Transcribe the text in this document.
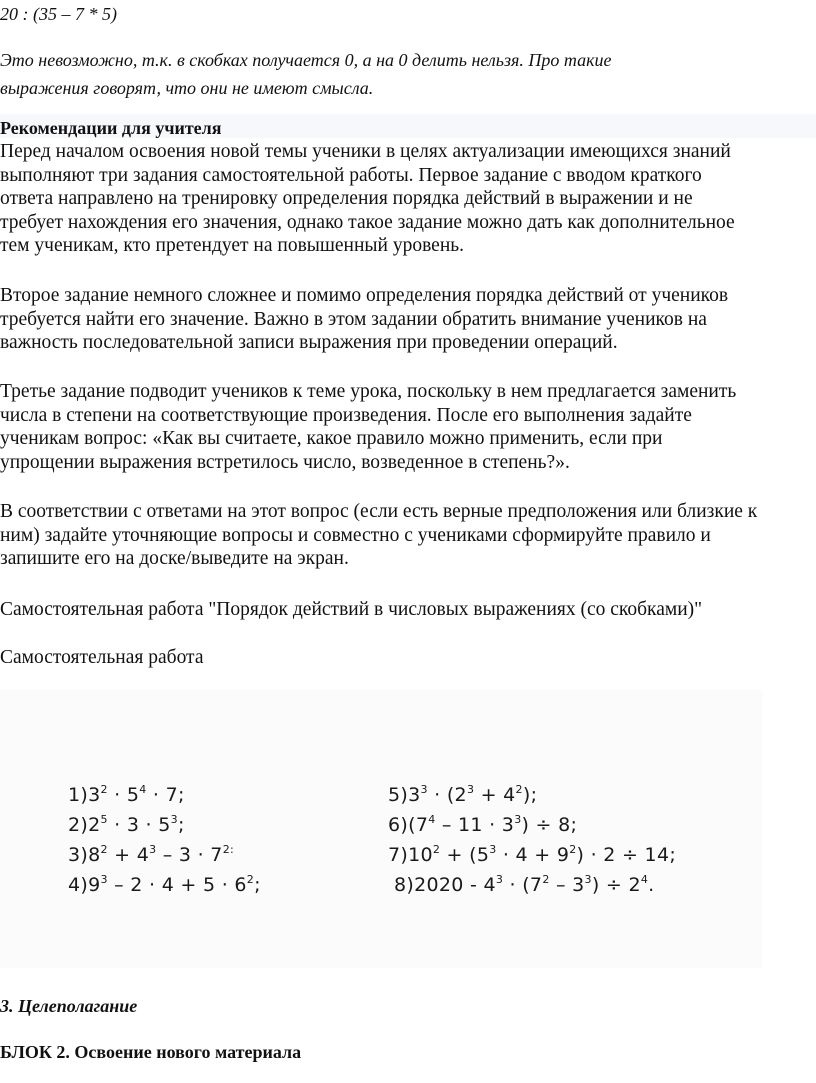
20 : (35 – 7 * 5)

Это невозможно, т.к. в скобках получается 0, а на 0 делить нельзя. Про такие
выражения говорят, что они не имеют смысла.

Рекомендации для учителя

Перед началом освоения новой темы ученики в целях актуализации имеющихся знаний
выполняют три задания самостоятельной работы. Первое задание с вводом краткого
ответа направлено на тренировку определения порядка действий в выражении и не
требует нахождения его значения, однако такое задание можно дать как дополнительное
тем ученикам, кто претендует на повышенный уровень.
Второе задание немного сложнее и помимо определения порядка действий от учеников
требуется найти его значение. Важно в этом задании обратить внимание учеников на
важность последовательной записи выражения при проведении операций.
Третье задание подводит учеников к теме урока, поскольку в нем предлагается заменить
числа в степени на соответствующие произведения. После его выполнения задайте
ученикам вопрос: «Как вы считаете, какое правило можно применить, если при
упрощении выражения встретилось число, возведенное в степень?».
В соответствии с ответами на этот вопрос (если есть верные предположения или близкие к
ним) задайте уточняющие вопросы и совместно с учениками сформируйте правило и
запишите его на доске/выведите на экран.

Самостоятельная работа "Порядок действий в числовых выражениях (со скобками)"

Самостоятельная работа

$1)3^2 \cdot 5^4 \cdot 7$;
$2)2^5 \cdot 3 \cdot 5^3$;
$3)8^2 + 4^3 - 3 \cdot 7^{2:}$
$4)9^3 - 2 \cdot 4 + 5 \cdot 6^2$;
$5)3^3 \cdot (2^3 + 4^2)$;
$6)(7^4 - 11 \cdot 3^3) \div 8$;
$7)10^2 + (5^3 \cdot 4 + 9^2) \cdot 2 \div 14$;
$8)2020 - 4^3 \cdot (7^2 - 3^3) \div 2^4$.

3. Целеполагание

БЛОК 2. Освоение нового материала
